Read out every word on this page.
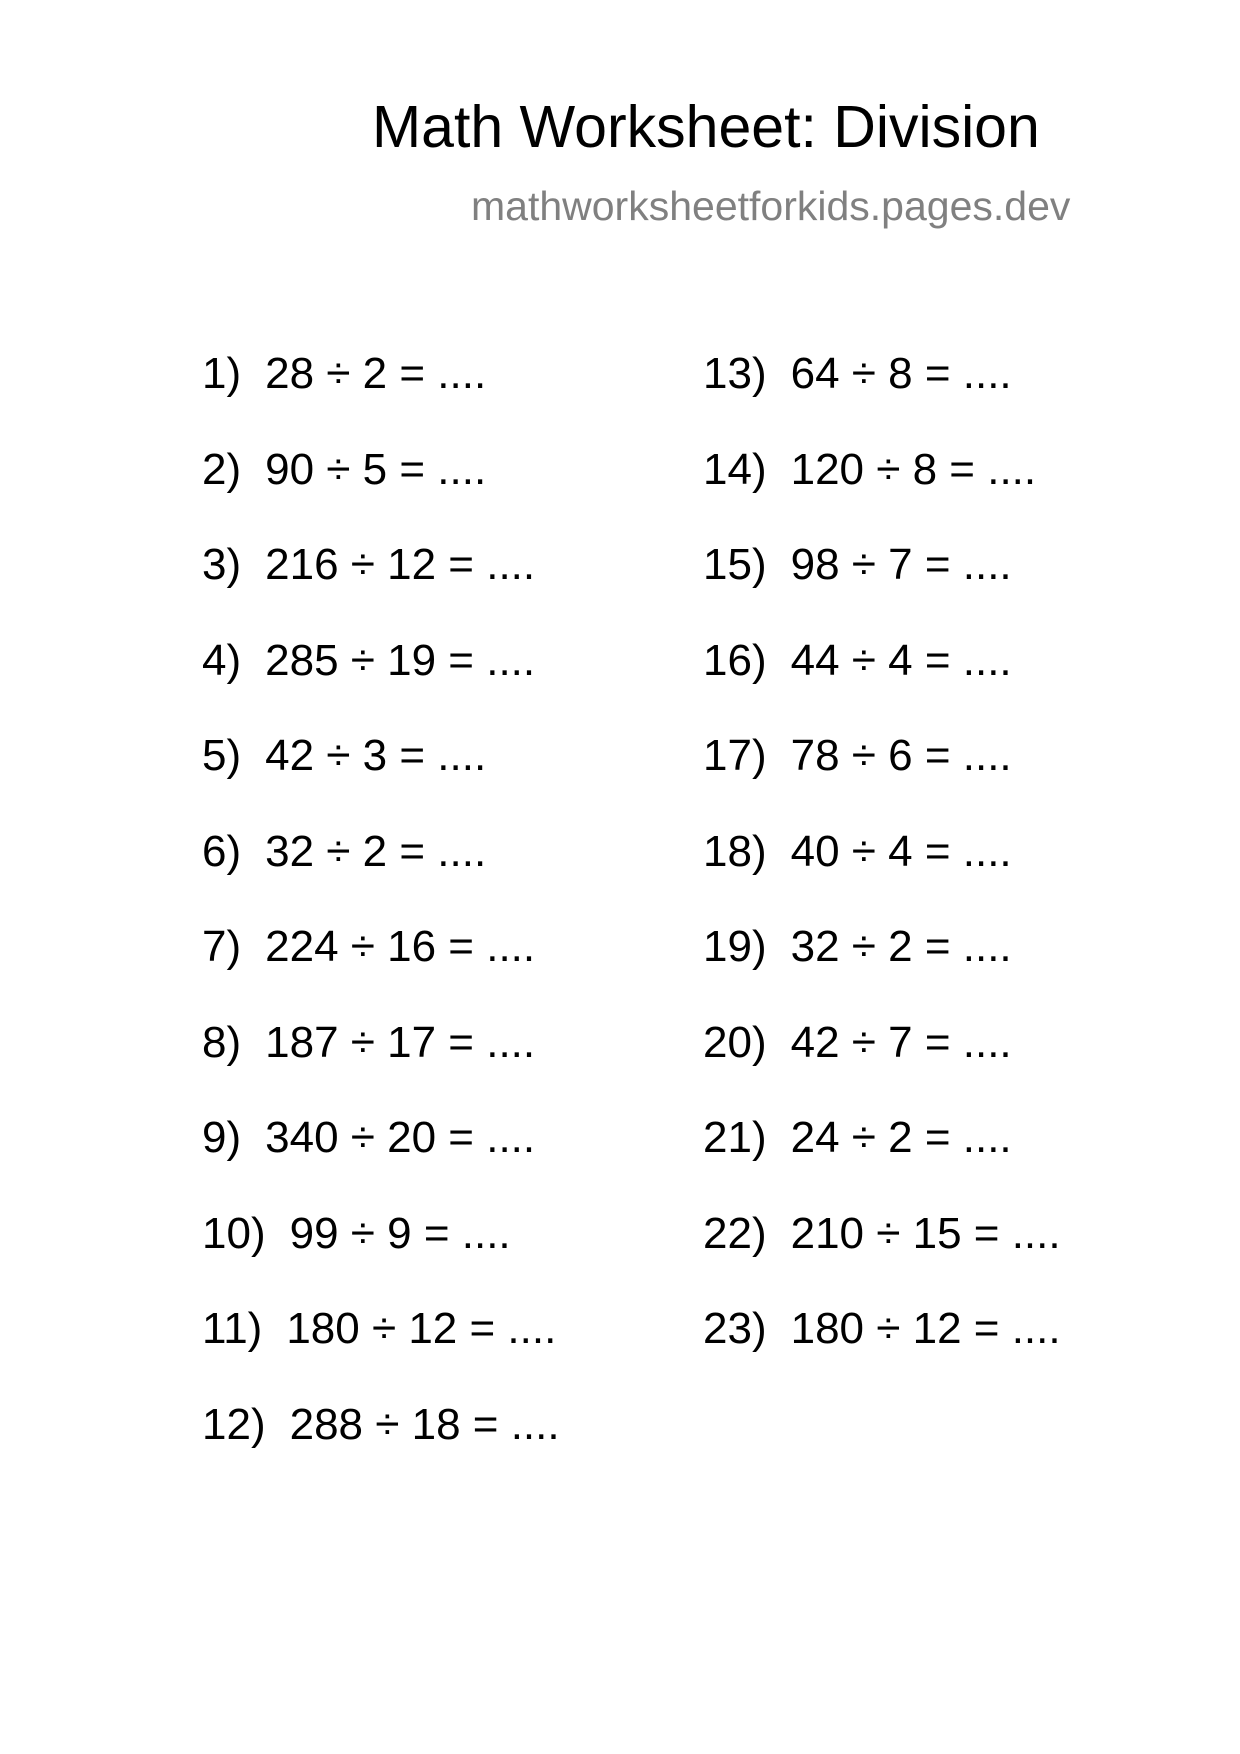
Math Worksheet: Division
mathworksheetforkids.pages.dev
1) 28 ÷ 2 = ....
2) 90 ÷ 5 = ....
3) 216 ÷ 12 = ....
4) 285 ÷ 19 = ....
5) 42 ÷ 3 = ....
6) 32 ÷ 2 = ....
7) 224 ÷ 16 = ....
8) 187 ÷ 17 = ....
9) 340 ÷ 20 = ....
10) 99 ÷ 9 = ....
11) 180 ÷ 12 = ....
12) 288 ÷ 18 = ....
13) 64 ÷ 8 = ....
14) 120 ÷ 8 = ....
15) 98 ÷ 7 = ....
16) 44 ÷ 4 = ....
17) 78 ÷ 6 = ....
18) 40 ÷ 4 = ....
19) 32 ÷ 2 = ....
20) 42 ÷ 7 = ....
21) 24 ÷ 2 = ....
22) 210 ÷ 15 = ....
23) 180 ÷ 12 = ....
